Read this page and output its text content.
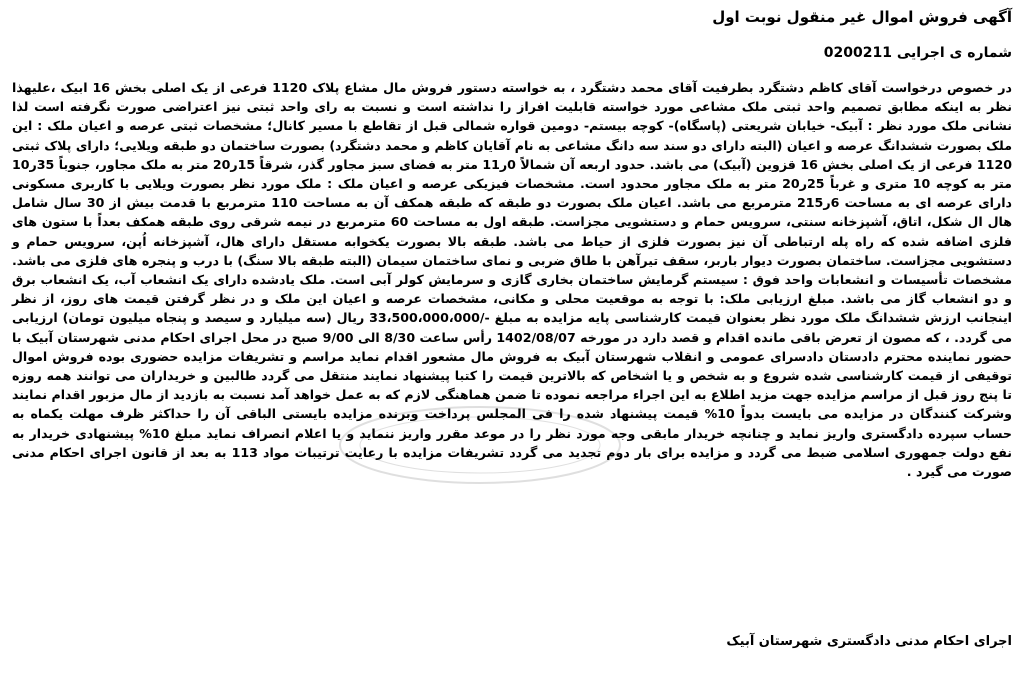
آگهی فروش اموال غیر منقول نوبت اول
شماره ی اجرایی 0200211

در خصوص درخواست آقای کاظم دشتگرد بطرفیت آقای محمد دشتگرد ، به خواسته دستور فروش مال مشاع پلاک 1120 فرعی از یک اصلی بخش 16 ابیک ،علیهذا نظر به اینکه مطابق تصمیم واحد ثبتی ملک مشاعی مورد خواسته قابلیت افراز را نداشته است و نسبت به رای واحد ثبتی نیز اعتراضی صورت نگرفته است لذا نشانی ملک مورد نظر : آبیک- خیابان شریعتی (پاسگاه)- کوچه بیستم- دومین قواره شمالی قبل از تقاطع با مسیر کانال؛ مشخصات ثبتی عرصه و اعیان ملک : این ملک بصورت ششدانگ عرصه و اعیان (البته دارای دو سند سه دانگ مشاعی به نام آقایان کاظم و محمد دشتگرد) بصورت ساختمان دو طبقه ویلایی؛ دارای پلاک ثبتی 1120 فرعی از یک اصلی بخش 16 قزوین (آبیک) می باشد. حدود اربعه آن شمالاً 0ر11 متر به فضای سبز مجاور گذر، شرقاً 15ر20 متر به ملک مجاور، جنوباً 35ر10 متر به کوچه 10 متری و غرباً 25ر20 متر به ملک مجاور محدود است. مشخصات فیزیکی عرصه و اعیان ملک : ملک مورد نظر بصورت ویلایی با کاربری مسکونی دارای عرصه ای به مساحت 6ر215 مترمربع می باشد. اعیان ملک بصورت دو طبقه که طبقه همکف آن به مساحت 110 مترمربع با قدمت بیش از 30 سال شامل هال ال شکل، اتاق، آشپزخانه سنتی، سرویس حمام و دستشویی مجزاست. طبقه اول به مساحت 60 مترمربع در نیمه شرقی روی طبقه همکف بعداً با ستون های فلزی اضافه شده که راه پله ارتباطی آن نیز بصورت فلزی از حیاط می باشد. طبقه بالا بصورت یکخوابه مستقل دارای هال، آشپزخانه اُپن، سرویس حمام و دستشویی مجزاست. ساختمان بصورت دیوار باربر، سقف تیرآهن با طاق ضربی و نمای ساختمان سیمان (البته طبقه بالا سنگ) با درب و پنجره های فلزی می باشد. مشخصات تأسیسات و انشعابات واحد فوق : سیستم گرمایش ساختمان بخاری گازی و سرمایش کولر آبی است. ملک یادشده دارای یک انشعاب آب، یک انشعاب برق و دو انشعاب گاز می باشد. مبلغ ارزیابی ملک: با توجه به موقعیت محلی و مکانی، مشخصات عرصه و اعیان این ملک و در نظر گرفتن قیمت های روز، از نظر اینجانب ارزش ششدانگ ملک مورد نظر بعنوان قیمت کارشناسی پایه مزایده به مبلغ -/33،500،000،000 ریال (سه میلیارد و سیصد و پنجاه میلیون تومان) ارزیابی می گردد. ، که مصون از تعرض باقی مانده اقدام و قصد دارد در مورخه 1402/08/07 رأس ساعت 8/30 الی 9/00 صبح در محل اجرای احکام مدنی شهرستان آبیک با حضور نماینده محترم دادستان دادسرای عمومی و انقلاب شهرستان آبیک به فروش مال مشعور اقدام نماید مراسم و تشریفات مزایده حضوری بوده فروش اموال توقیفی از قیمت کارشناسی شده شروع و به شخص و یا اشخاص که بالاترین قیمت را کتبا پیشنهاد نمایند منتقل می گردد طالبین و خریداران می توانند همه روزه تا پنج روز قبل از مراسم مزایده جهت مزید اطلاع به این اجراء مراجعه نموده تا ضمن هماهنگی لازم که به عمل خواهد آمد نسبت به بازدید از مال مزبور اقدام نمایند وشرکت کنندگان در مزایده می بایست بدواً 10% قیمت پیشنهاد شده را فی المجلس پرداخت وبرنده مزایده بایستی الباقی آن را حداکثر ظرف مهلت یکماه به حساب سپرده دادگستری واریز نماید و چنانچه خریدار مابقی وجه مورد نظر را در موعد مقرر واریز ننماید و یا اعلام انصراف نماید مبلغ 10% پیشنهادی خریدار به نفع دولت جمهوری اسلامی ضبط می گردد و مزایده برای بار دوم تجدید می گردد تشریفات مزایده با رعایت ترتیبات مواد 113 به بعد از قانون اجرای احکام مدنی صورت می گیرد .

اجرای احکام مدنی دادگستری شهرستان آبیک
